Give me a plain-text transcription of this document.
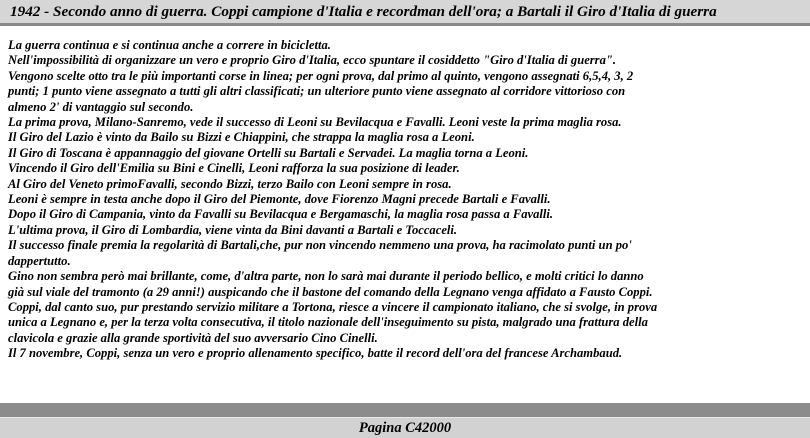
1942 - Secondo anno di guerra. Coppi campione d'Italia e recordman dell'ora; a Bartali il Giro d'Italia di guerra
La guerra continua e si continua anche a correre in bicicletta.
Nell'impossibilità di organizzare un vero e proprio Giro d'Italia, ecco spuntare il cosiddetto "Giro d'Italia di guerra".
Vengono scelte otto tra le più importanti corse in linea; per ogni prova, dal primo al quinto, vengono assegnati 6,5,4, 3, 2
punti; 1 punto viene assegnato a tutti gli altri classificati; un ulteriore punto viene assegnato al corridore vittorioso con
almeno 2' di vantaggio sul secondo.
La prima prova, Milano-Sanremo, vede il successo di Leoni su Bevilacqua e Favalli. Leoni veste la prima maglia rosa.
Il Giro del Lazio è vinto da Bailo su Bizzi e Chiappini, che strappa la maglia rosa a Leoni.
Il Giro di Toscana è appannaggio del giovane Ortelli su Bartali e Servadei. La maglia torna a Leoni.
Vincendo il Giro dell'Emilia su Bini e Cinelli, Leoni rafforza la sua posizione di leader.
Al Giro del Veneto primoFavalli, secondo Bizzi, terzo Bailo con Leoni sempre in rosa.
Leoni è sempre in testa anche dopo il Giro del Piemonte, dove Fiorenzo Magni precede Bartali e Favalli.
Dopo il Giro di Campania, vinto da Favalli su Bevilacqua e Bergamaschi, la maglia rosa passa a Favalli.
L'ultima prova, il Giro di Lombardia, viene vinta da Bini davanti a Bartali e Toccaceli.
Il successo finale premia la regolarità di Bartali,che, pur non vincendo nemmeno una prova, ha racimolato punti un po'
dappertutto.
Gino non sembra però mai brillante, come, d'altra parte, non lo sarà mai durante il periodo bellico, e molti critici lo danno
già sul viale del tramonto (a 29 anni!) auspicando che il bastone del comando della Legnano venga affidato a Fausto Coppi.
Coppi, dal canto suo, pur prestando servizio militare a Tortona, riesce a vincere il campionato italiano, che si svolge, in prova
unica a Legnano e, per la terza volta consecutiva, il titolo nazionale dell'inseguimento su pista, malgrado una frattura della
clavicola e grazie alla grande sportività del suo avversario Cino Cinelli.
Il 7 novembre, Coppi, senza un vero e proprio allenamento specifico, batte il record dell'ora del francese Archambaud.
Pagina C42000
